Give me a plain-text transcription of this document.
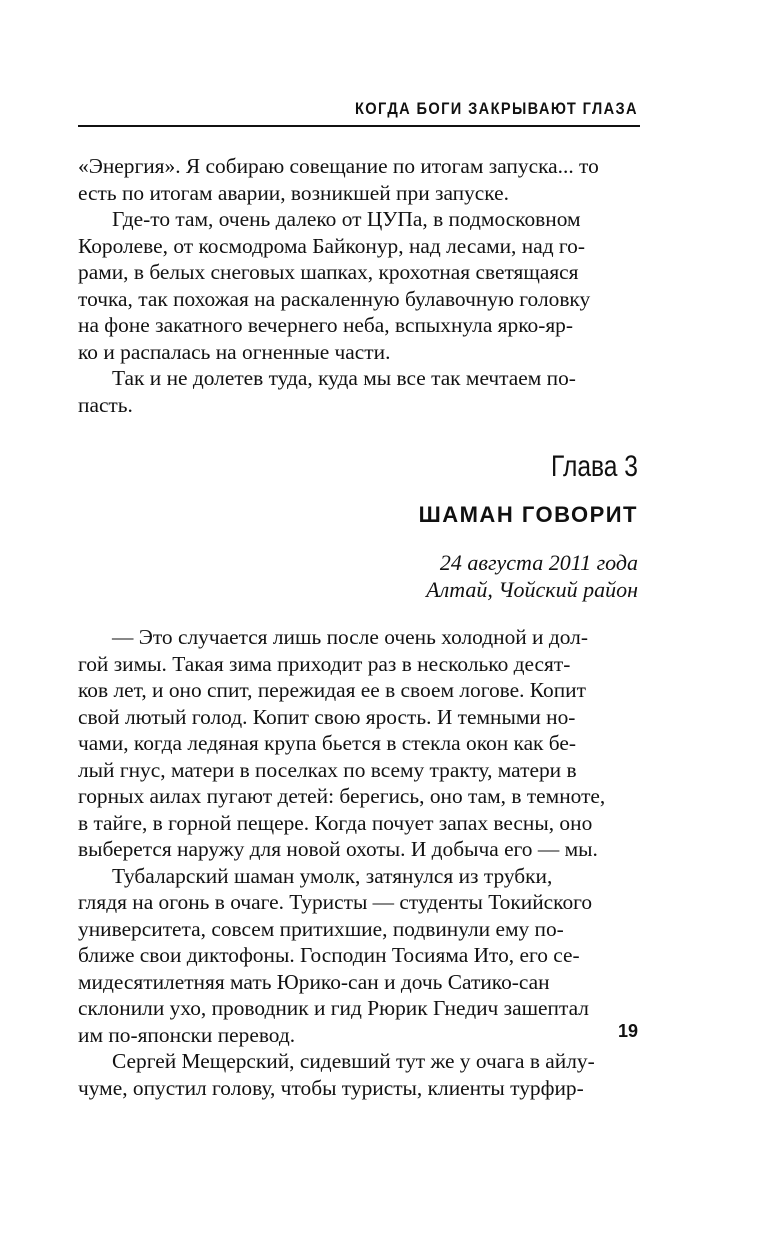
КОГДА БОГИ ЗАКРЫВАЮТ ГЛАЗА

«Энергия». Я собираю совещание по итогам запуска... то
есть по итогам аварии, возникшей при запуске.

Где-то там, очень далеко от ЦУПа, в подмосковном
Королеве, от космодрома Байконур, над лесами, над го-
рами, в белых снеговых шапках, крохотная светящаяся
точка, так похожая на раскаленную булавочную головку
на фоне закатного вечернего неба, вспыхнула ярко-яр-
ко и распалась на огненные части.

Так и не долетев туда, куда мы все так мечтаем по-
пасть.

Глава 3
ШАМАН ГОВОРИТ
24 августа 2011 года
Алтай, Чойский район

— Это случается лишь после очень холодной и дол-
гой зимы. Такая зима приходит раз в несколько десят-
ков лет, и оно спит, пережидая ее в своем логове. Копит
свой лютый голод. Копит свою ярость. И темными но-
чами, когда ледяная крупа бьется в стекла окон как бе-
лый гнус, матери в поселках по всему тракту, матери в
горных аилах пугают детей: берегись, оно там, в темноте,
в тайге, в горной пещере. Когда почует запах весны, оно
выберется наружу для новой охоты. И добыча его — мы.

Тубаларский шаман умолк, затянулся из трубки,
глядя на огонь в очаге. Туристы — студенты Токийского
университета, совсем притихшие, подвинули ему по-
ближе свои диктофоны. Господин Тосияма Ито, его се-
мидесятилетняя мать Юрико-сан и дочь Сатико-сан
склонили ухо, проводник и гид Рюрик Гнедич зашептал
им по-японски перевод.

Сергей Мещерский, сидевший тут же у очага в айлу-
чуме, опустил голову, чтобы туристы, клиенты турфир-

19
